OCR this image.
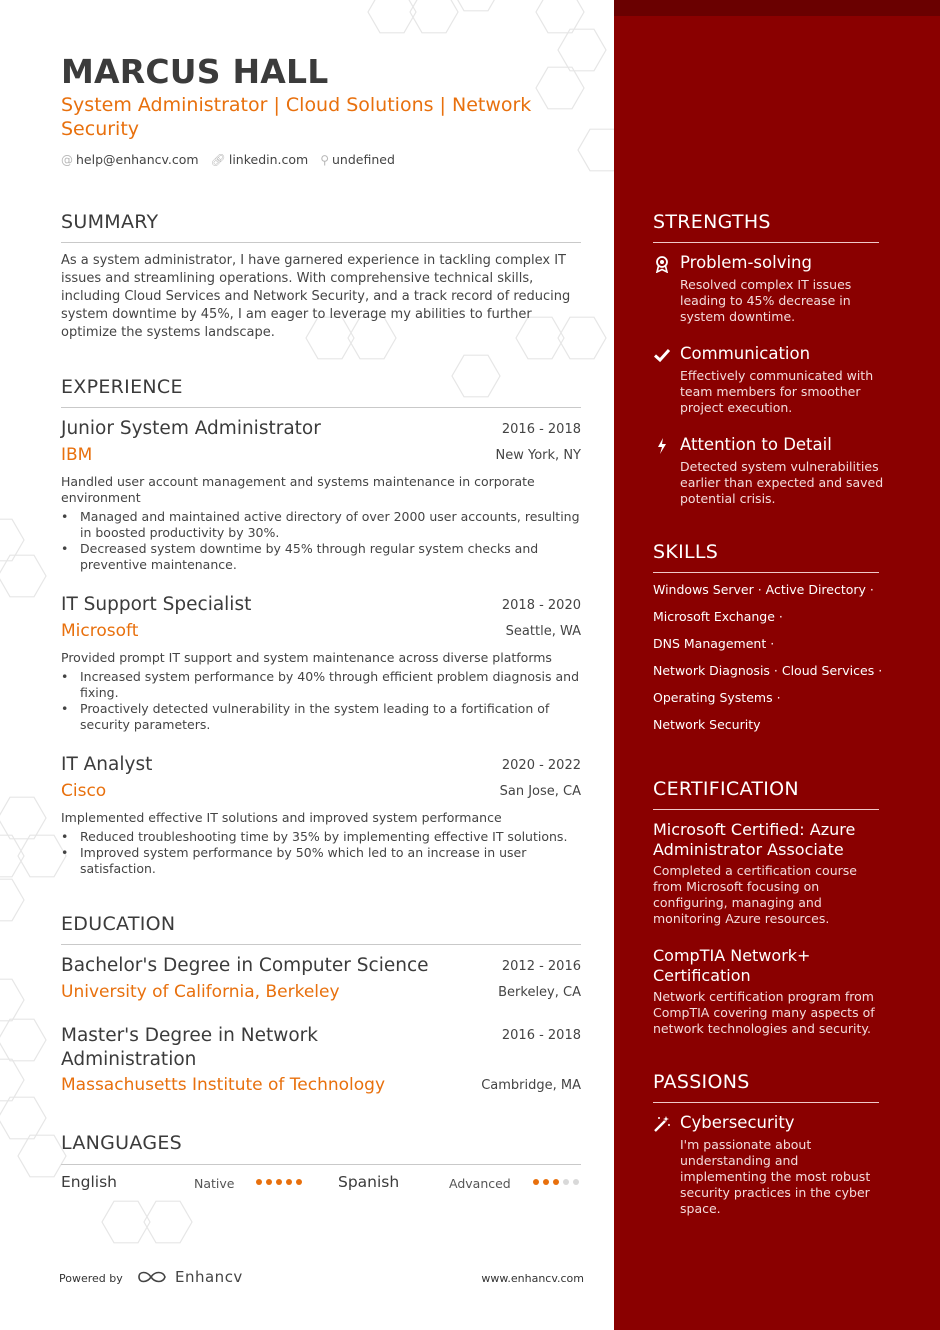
MARCUS HALL
System Administrator | Cloud Solutions | Network Security
@ help@enhancv.com 🔗︎ linkedin.com ⚲ undefined
SUMMARY
As a system administrator, I have garnered experience in tackling complex IT issues and streamlining operations. With comprehensive technical skills, including Cloud Services and Network Security, and a track record of reducing system downtime by 45%, I am eager to leverage my abilities to further optimize the systems landscape.
EXPERIENCE
Junior System Administrator	2016 - 2018
IBM	New York, NY
Handled user account management and systems maintenance in corporate environment
• Managed and maintained active directory of over 2000 user accounts, resulting in boosted productivity by 30%.
• Decreased system downtime by 45% through regular system checks and preventive maintenance.
IT Support Specialist	2018 - 2020
Microsoft	Seattle, WA
Provided prompt IT support and system maintenance across diverse platforms
• Increased system performance by 40% through efficient problem diagnosis and fixing.
• Proactively detected vulnerability in the system leading to a fortification of security parameters.
IT Analyst	2020 - 2022
Cisco	San Jose, CA
Implemented effective IT solutions and improved system performance
• Reduced troubleshooting time by 35% by implementing effective IT solutions.
• Improved system performance by 50% which led to an increase in user satisfaction.
EDUCATION
Bachelor's Degree in Computer Science	2012 - 2016
University of California, Berkeley	Berkeley, CA
Master's Degree in Network Administration
2016 - 2018
Massachusetts Institute of Technology	Cambridge, MA
LANGUAGES
English	Native	Spanish	Advanced
Powered by	Enhancv	www.enhancv.com
STRENGTHS
Problem-solving
Resolved complex IT issues leading to 45% decrease in system downtime.
Communication
Effectively communicated with team members for smoother project execution.
Attention to Detail
Detected system vulnerabilities earlier than expected and saved potential crisis.
SKILLS
Windows Server · Active Directory ·
Microsoft Exchange ·
DNS Management ·
Network Diagnosis · Cloud Services ·
Operating Systems ·
Network Security
CERTIFICATION
Microsoft Certified: Azure Administrator Associate
Completed a certification course from Microsoft focusing on configuring, managing and monitoring Azure resources.
CompTIA Network+ Certification
Network certification program from CompTIA covering many aspects of network technologies and security.
PASSIONS
Cybersecurity
I'm passionate about understanding and implementing the most robust security practices in the cyber space.
